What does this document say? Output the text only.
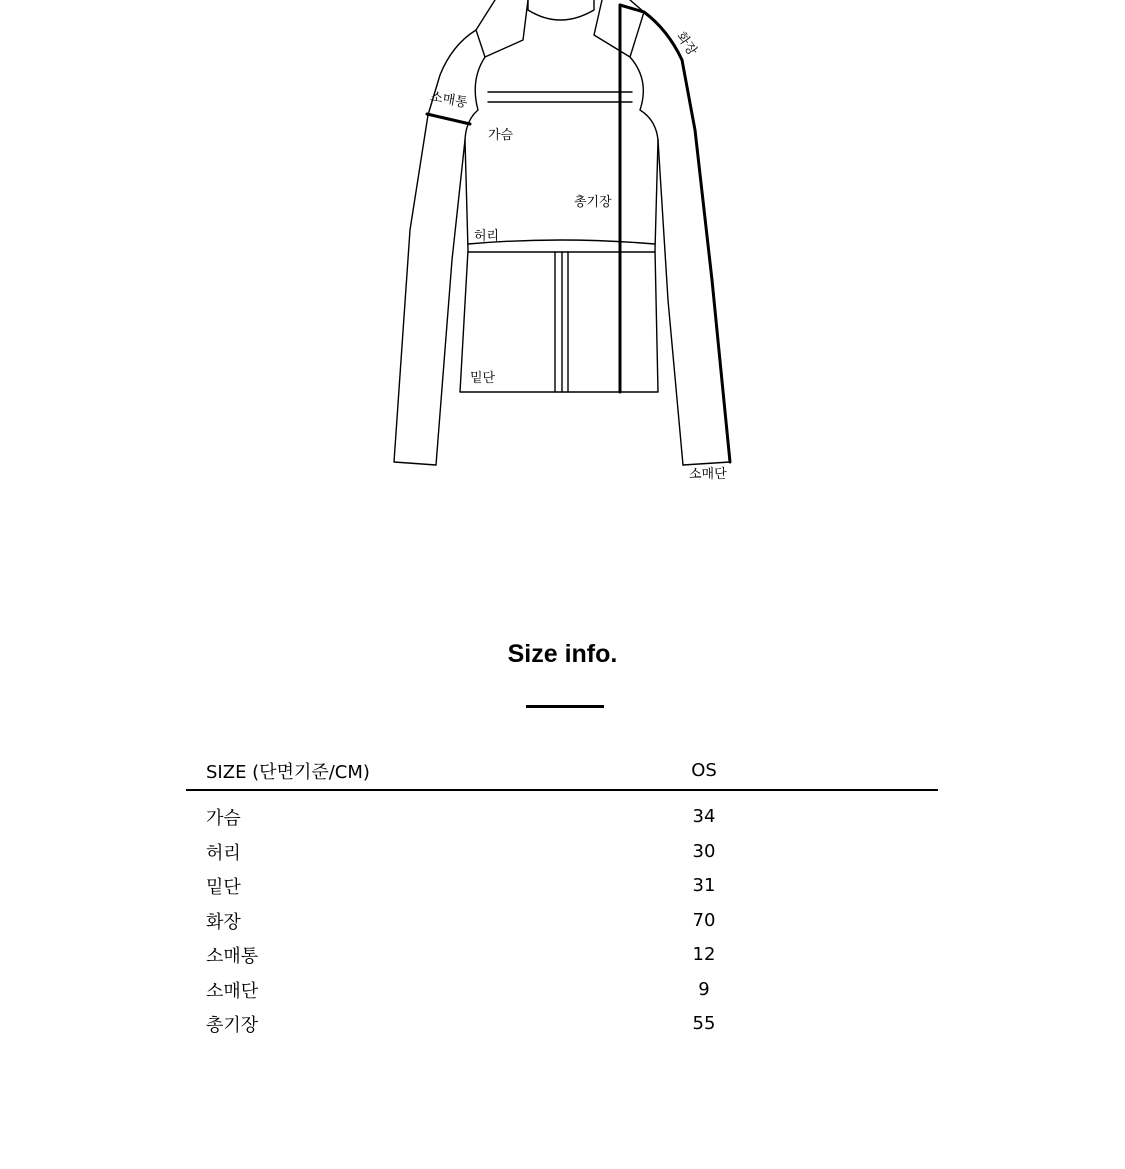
화장
소매통
가슴
총기장
허리
밑단
소매단
Size info.
SIZE (단면기준/CM)	OS
가슴	34
허리	30
밑단	31
화장	70
소매통	12
소매단	9
총기장	55
